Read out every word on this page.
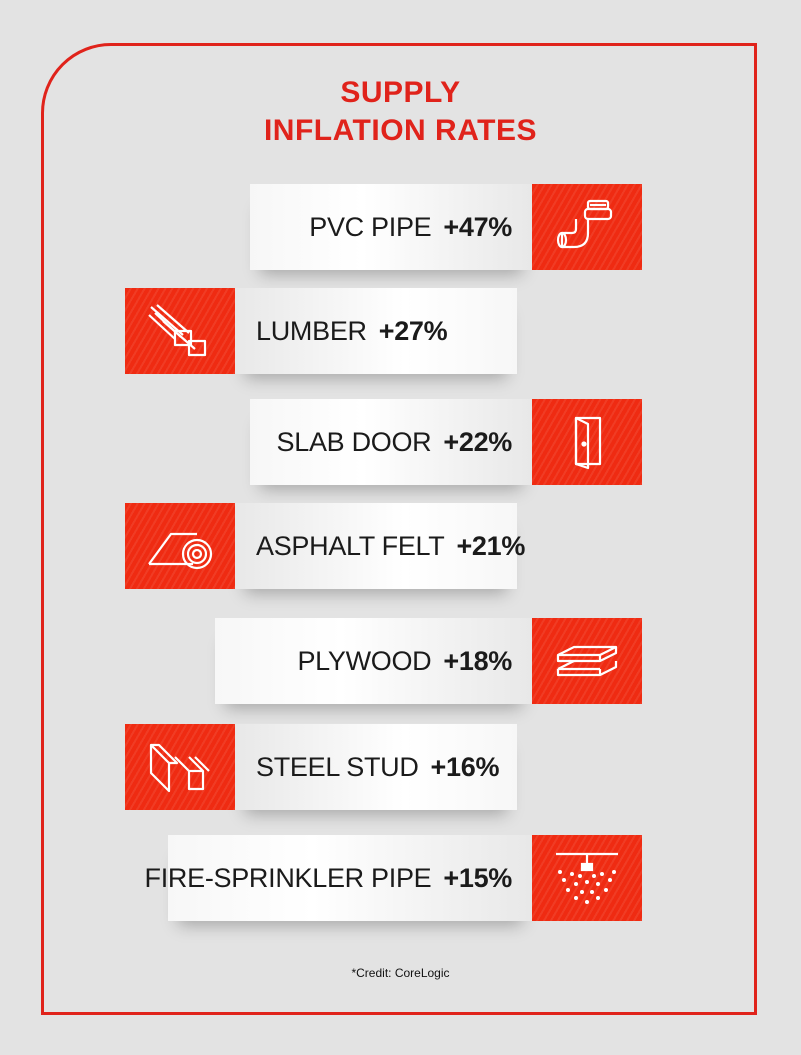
SUPPLY
INFLATION RATES
PVC PIPE +47%
LUMBER +27%
SLAB DOOR +22%
ASPHALT FELT +21%
PLYWOOD +18%
STEEL STUD +16%
FIRE-SPRINKLER PIPE +15%
*Credit: CoreLogic
